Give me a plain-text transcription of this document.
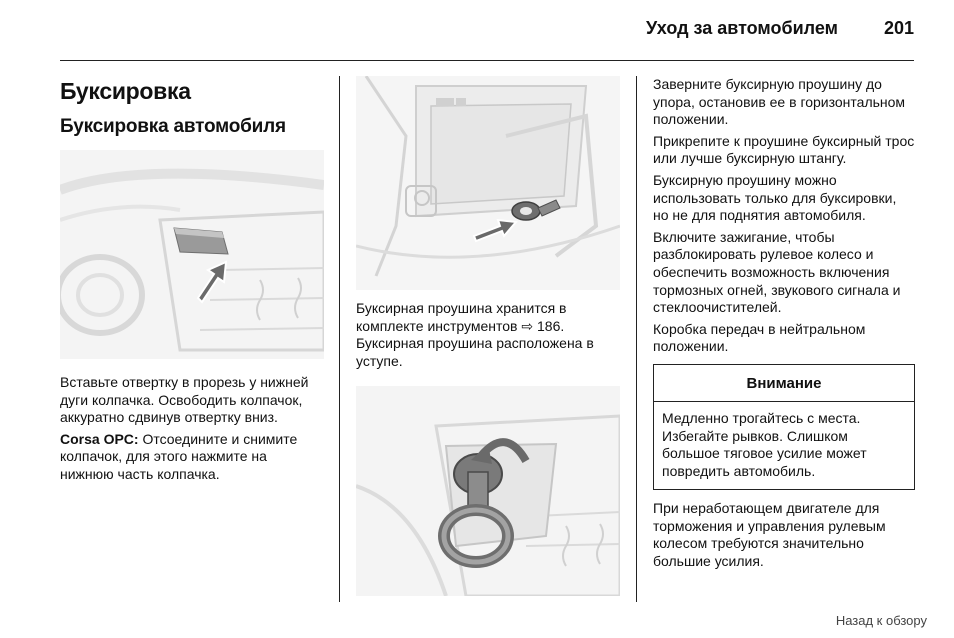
Уход за автомобилем	201
Буксировка
Буксировка автомобиля

Вставьте отвертку в прорезь у нижней дуги колпачка. Освободить колпачок, аккуратно сдвинув отвертку вниз.

Corsa OPC: Отсоедините и снимите колпачок, для этого нажмите на нижнюю часть колпачка.

Буксирная проушина хранится в комплекте инструментов ⇨ 186.

Буксирная проушина расположена в уступе.

Заверните буксирную проушину до упора, остановив ее в горизонтальном положении.

Прикрепите к проушине буксирный трос или лучше буксирную штангу.

Буксирную проушину можно использовать только для буксировки, но не для поднятия автомобиля.

Включите зажигание, чтобы разблокировать рулевое колесо и обеспечить возможность включения тормозных огней, звукового сигнала и стеклоочистителей.

Коробка передач в нейтральном положении.

Внимание

Медленно трогайтесь с места. Избегайте рывков. Слишком большое тяговое усилие может повредить автомобиль.

При неработающем двигателе для торможения и управления рулевым колесом требуются значительно большие усилия.

Назад к обзору
